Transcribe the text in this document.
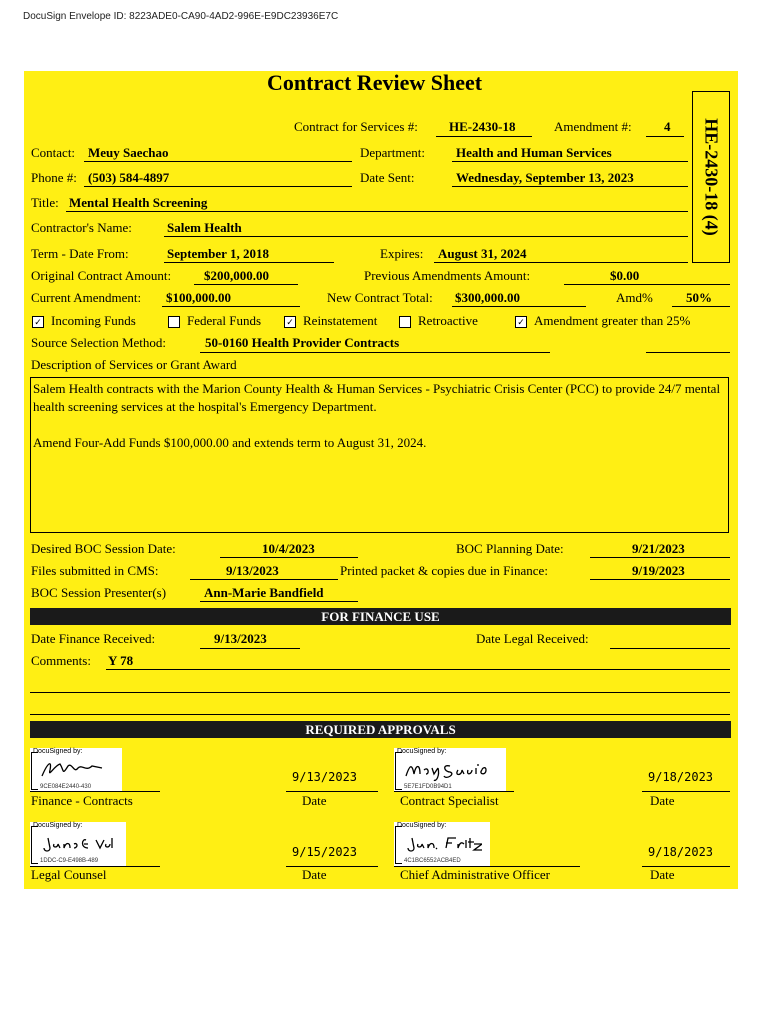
DocuSign Envelope ID: 8223ADE0-CA90-4AD2-996E-E9DC23936E7C
Contract Review Sheet
HE-2430-18 (4)
Contract for Services #: HE-2430-18	Amendment #: 4
Contact: Meuy Saechao	Department: Health and Human Services
Phone #: (503) 584-4897	Date Sent:	Wednesday, September 13, 2023
Title: Mental Health Screening
Contractor's Name:	Salem Health
Term - Date From:	September 1, 2018	Expires: August 31, 2024
Original Contract Amount:	$200,000.00	Previous Amendments Amount:	$0.00
Current Amendment: $100,000.00	New Contract Total: $300,000.00	Amd%	50%
✓ Incoming Funds	Federal Funds	✓ Reinstatement	Retroactive	✓ Amendment greater than 25%
Source Selection Method:	50-0160 Health Provider Contracts
Description of Services or Grant Award

Salem Health contracts with the Marion County Health & Human Services - Psychiatric Crisis Center (PCC) to provide 24/7 mental health screening services at the hospital's Emergency Department.

Amend Four-Add Funds $100,000.00 and extends term to August 31, 2024.

Desired BOC Session Date:	10/4/2023	BOC Planning Date:	9/21/2023
Files submitted in CMS:	9/13/2023	Printed packet & copies due in Finance:	9/19/2023
BOC Session Presenter(s)	Ann-Marie Bandfield
FOR FINANCE USE
Date Finance Received:	9/13/2023	Date Legal Received:
Comments: Y 78
REQUIRED APPROVALS
DocuSigned by:
9CE084E2440-430
Finance - Contracts
9/13/2023
Date
DocuSigned by:
5E7E1FD0B94D1
Contract Specialist
9/18/2023
Date
DocuSigned by:
1DDC-C9-E498B-489
Legal Counsel
9/15/2023
Date
DocuSigned by:
4C1BC6552ACB4ED
Chief Administrative Officer
9/18/2023
Date
